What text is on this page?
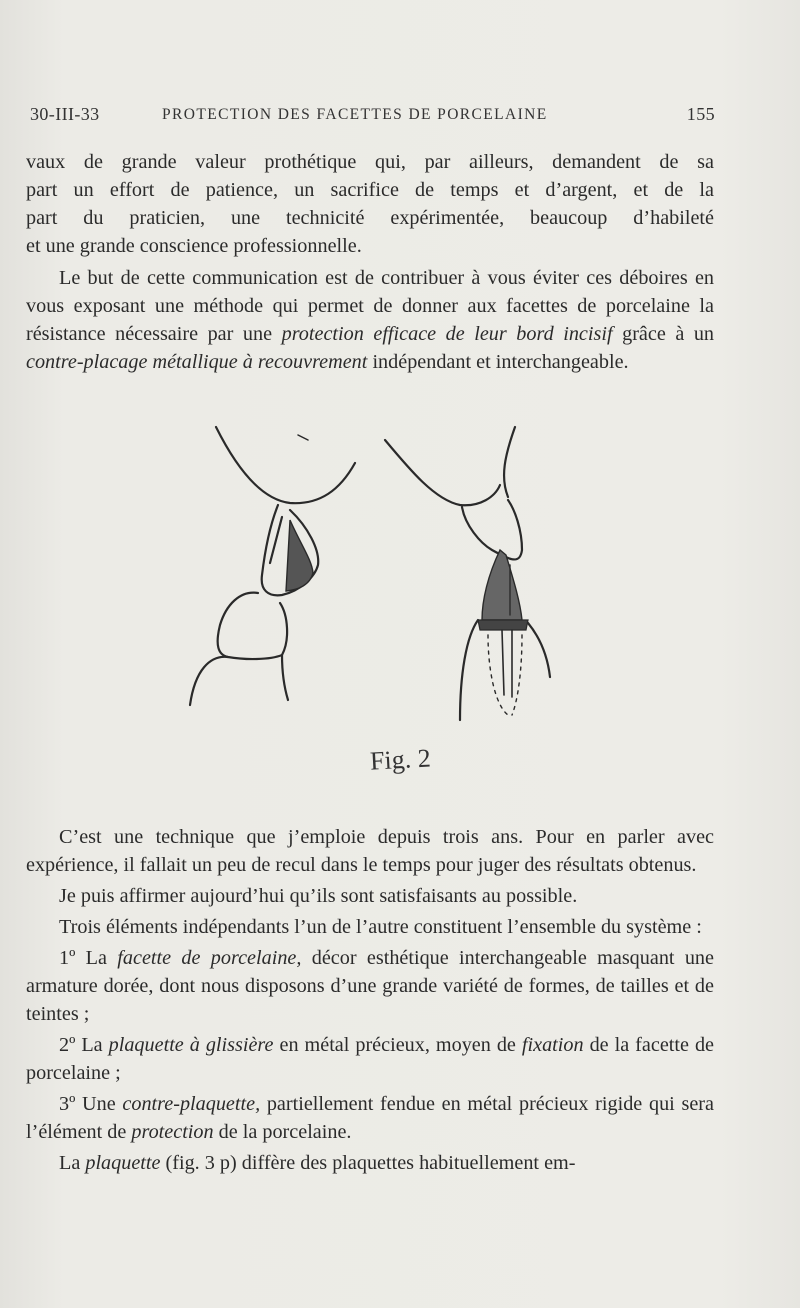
30-III-33	PROTECTION DES FACETTES DE PORCELAINE	155

vaux de grande valeur prothétique qui, par ailleurs, demandent de sa

part un effort de patience, un sacrifice de temps et d’argent, et de la

part du praticien, une technicité expérimentée, beaucoup d’habileté

et une grande conscience professionnelle.

Le but de cette communication est de contribuer à vous éviter ces déboires en vous exposant une méthode qui permet de donner aux facettes de porcelaine la résistance nécessaire par une protection efficace de leur bord incisif grâce à un contre-placage métallique à recouvrement indépendant et interchangeable.

Fig. 2

C’est une technique que j’emploie depuis trois ans. Pour en parler avec expérience, il fallait un peu de recul dans le temps pour juger des résultats obtenus.

Je puis affirmer aujourd’hui qu’ils sont satisfaisants au possible.

Trois éléments indépendants l’un de l’autre constituent l’ensemble du système :

1º La facette de porcelaine, décor esthétique interchangeable masquant une armature dorée, dont nous disposons d’une grande variété de formes, de tailles et de teintes ;

2º La plaquette à glissière en métal précieux, moyen de fixation de la facette de porcelaine ;

3º Une contre-plaquette, partiellement fendue en métal précieux rigide qui sera l’élément de protection de la porcelaine.

La plaquette (fig. 3 p) diffère des plaquettes habituellement em-
